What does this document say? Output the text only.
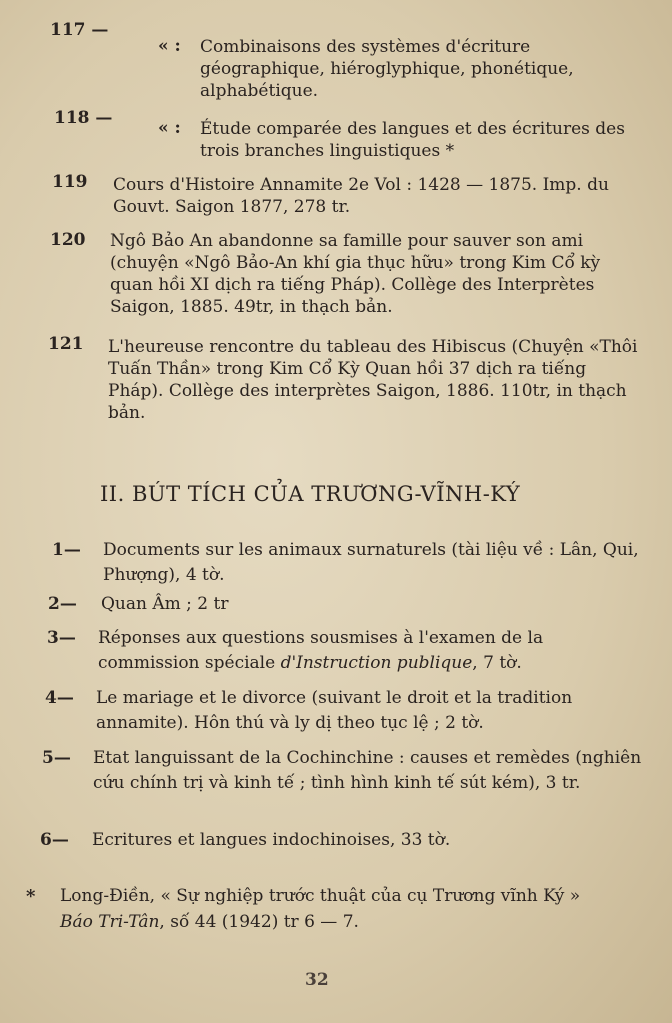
117 —
« : Combinaisons des systèmes d'écriture géographique, hiéroglyphique, phonétique, alphabétique.
118 —	« : Étude comparée des langues et des écritures des trois branches linguistiques *
119 Cours d'Histoire Annamite 2e Vol : 1428 — 1875. Imp. du Gouvt. Saigon 1877, 278 tr.
120 Ngô Bảo An abandonne sa famille pour sauver son ami (chuyện «Ngô Bảo-An khí gia thục hữu» trong Kim Cổ kỳ quan hồi XI dịch ra tiếng Pháp). Collège des Interprètes Saigon, 1885. 49tr, in thạch bản.
121 L'heureuse rencontre du tableau des Hibiscus (Chuyện «Thôi Tuấn Thần» trong Kim Cổ Kỳ Quan hồi 37 dịch ra tiếng Pháp). Collège des interprètes Saigon, 1886. 110tr, in thạch bản.
II. BÚT TÍCH CỦA TRƯƠNG-VĨNH-KÝ
1— Documents sur les animaux surnaturels (tài liệu về : Lân, Qui, Phượng), 4 tờ.
2— Quan Âm ; 2 tr
3— Réponses aux questions sousmises à l'examen de la commission spéciale d'Instruction publique, 7 tờ.
4— Le mariage et le divorce (suivant le droit et la tradition annamite). Hôn thú và ly dị theo tục lệ ; 2 tờ.
5— Etat languissant de la Cochinchine : causes et remèdes (nghiên cứu chính trị và kinh tế ; tình hình kinh tế sút kém), 3 tr.
6— Ecritures et langues indochinoises, 33 tờ.
* Long-Điền, « Sự nghiệp trước thuật của cụ Trương vĩnh Ký »
Báo Tri-Tân, số 44 (1942) tr 6 — 7.
32
